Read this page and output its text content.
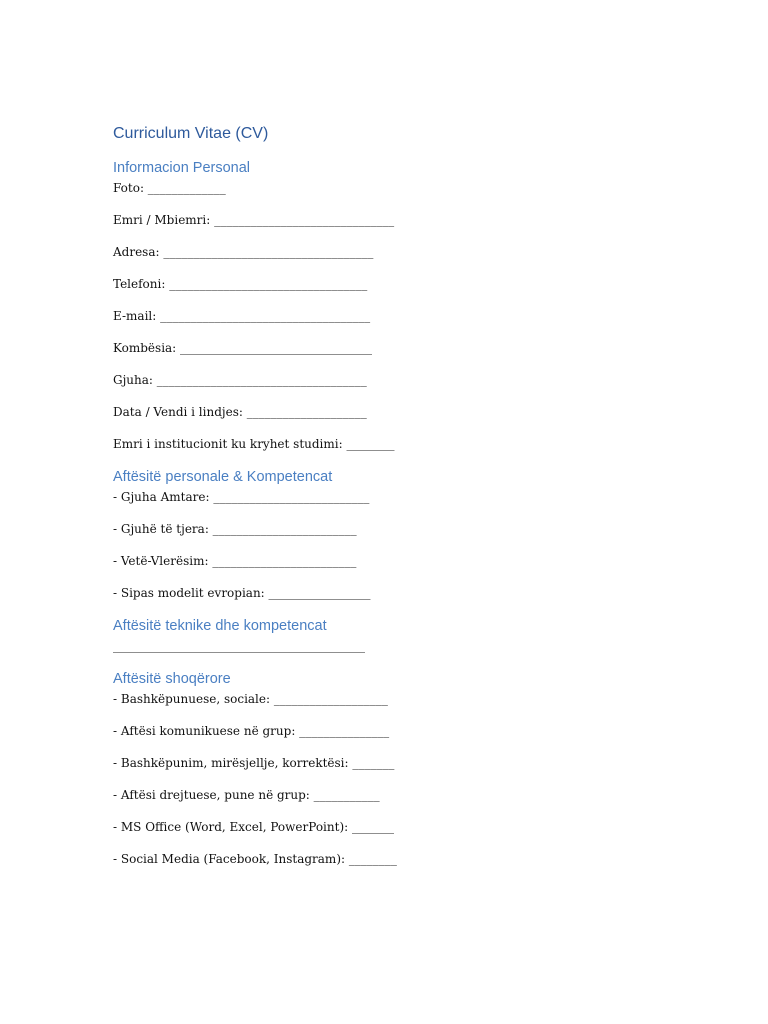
Curriculum Vitae (CV)
Informacion Personal
Foto: _____________
Emri / Mbiemri: ______________________________
Adresa: ___________________________________
Telefoni: _________________________________
E-mail: ___________________________________
Kombësia: ________________________________
Gjuha: ___________________________________
Data / Vendi i lindjes: ____________________
Emri i institucionit ku kryhet studimi: ________
Aftësitë personale & Kompetencat
- Gjuha Amtare: __________________________
- Gjuhë të tjera: ________________________
- Vetë-Vlerësim: ________________________
- Sipas modelit evropian: _________________
Aftësitë teknike dhe kompetencat
__________________________________________
Aftësitë shoqërore
- Bashkëpunuese, sociale: ___________________
- Aftësi komunikuese në grup: _______________
- Bashkëpunim, mirësjellje, korrektësi: _______
- Aftësi drejtuese, pune në grup: ___________
- MS Office (Word, Excel, PowerPoint): _______
- Social Media (Facebook, Instagram): ________
